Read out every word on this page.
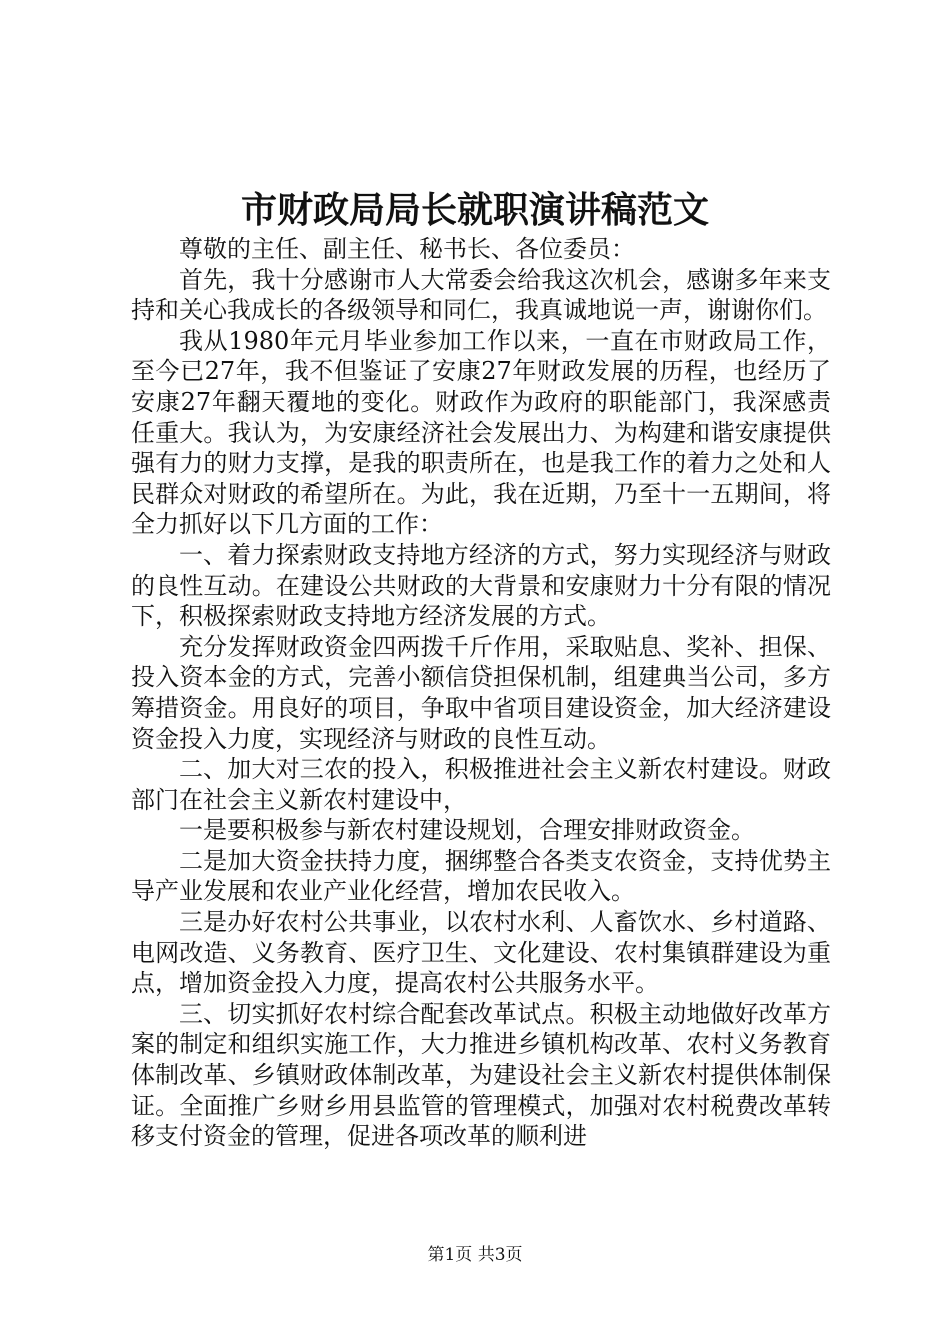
市财政局局长就职演讲稿范文

尊敬的主任、副主任、秘书长、各位委员：

首先，我十分感谢市人大常委会给我这次机会，感谢多年来支持和关心我成长的各级领导和同仁，我真诚地说一声，谢谢你们。

我从1980年元月毕业参加工作以来，一直在市财政局工作，至今已27年，我不但鉴证了安康27年财政发展的历程，也经历了安康27年翻天覆地的变化。财政作为政府的职能部门，我深感责任重大。我认为，为安康经济社会发展出力、为构建和谐安康提供强有力的财力支撑，是我的职责所在，也是我工作的着力之处和人民群众对财政的希望所在。为此，我在近期，乃至十一五期间，将全力抓好以下几方面的工作：

一、着力探索财政支持地方经济的方式，努力实现经济与财政的良性互动。在建设公共财政的大背景和安康财力十分有限的情况下，积极探索财政支持地方经济发展的方式。

充分发挥财政资金四两拨千斤作用，采取贴息、奖补、担保、投入资本金的方式，完善小额信贷担保机制，组建典当公司，多方筹措资金。用良好的项目，争取中省项目建设资金，加大经济建设资金投入力度，实现经济与财政的良性互动。

二、加大对三农的投入，积极推进社会主义新农村建设。财政部门在社会主义新农村建设中，

一是要积极参与新农村建设规划，合理安排财政资金。

二是加大资金扶持力度，捆绑整合各类支农资金，支持优势主导产业发展和农业产业化经营，增加农民收入。

三是办好农村公共事业，以农村水利、人畜饮水、乡村道路、电网改造、义务教育、医疗卫生、文化建设、农村集镇群建设为重点，增加资金投入力度，提高农村公共服务水平。

三、切实抓好农村综合配套改革试点。积极主动地做好改革方案的制定和组织实施工作，大力推进乡镇机构改革、农村义务教育体制改革、乡镇财政体制改革，为建设社会主义新农村提供体制保证。全面推广乡财乡用县监管的管理模式，加强对农村税费改革转移支付资金的管理，促进各项改革的顺利进

第1页 共3页
